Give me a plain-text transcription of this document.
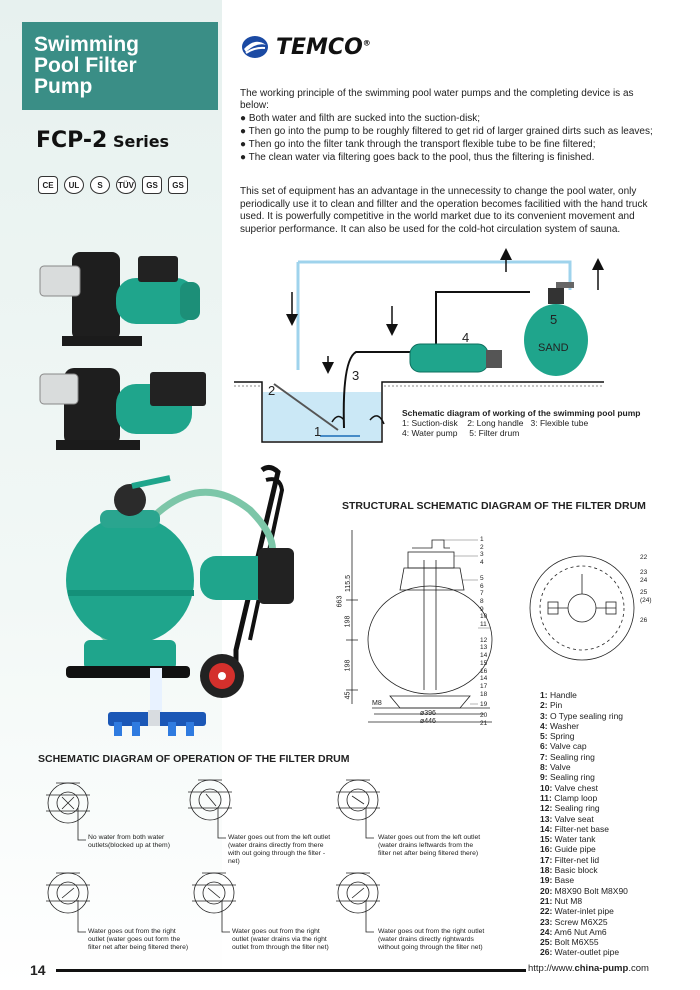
Swimming
Pool Filter
Pump
FCP-2 Series
CE	UL	S	TÜV	GS	GS
TEMCO®

The working principle of the swimming pool water pumps and the completing device is as below:

● Both water and filth are sucked into the suction-disk;

● Then go into the pump to be roughly filtered to get rid of larger grained dirts such as leaves;

● Then go into the filter tank through the transport flexible tube to be fine filtered;

● The clean water via filtering goes back to the pool, thus the filtering is finished.

This set of equipment has an advantage in the unnecessity to change the pool water, only periodically use it to clean and fillter and the operation becomes facilitied with the hand truck used. It is powerfully competitive in the world market due to its convenient movement and superior performance. It can also be used for the cold-hot circulation system of sauna.
1
2
3
4
5
SAND
Schematic diagram of working of the swimming pool pump
1: Suction-disk    2: Long handle   3: Flexible tube
4: Water pump     5: Filter drum
STRUCTURAL SCHEMATIC DIAGRAM OF THE FILTER DRUM
663
115.5
198
198
45
M8
ø396
ø446
1
2
3
4
5
6
7
8
9
10
11
12
13
14
15
16
14
17
18
19
20
21
22
23
24
25
(24)
26
1: Handle
2: Pin
3: O Type sealing ring
4: Washer
5: Spring
6: Valve cap
7: Sealing ring
8: Valve
9: Sealing ring
10: Valve chest
11: Clamp loop
12: Sealing ring
13: Valve seat
14: Filter-net base
15: Water tank
16: Guide pipe
17: Filter-net lid
18: Basic block
19: Base
20: M8X90 Bolt M8X90
21: Nut M8
22: Water-inlet pipe
23: Screw M6X25
24: Am6 Nut Am6
25: Bolt M6X55
26: Water-outlet pipe
SCHEMATIC DIAGRAM OF OPERATION OF THE FILTER DRUM
No water from both water outlets(blocked up at them)
Water goes out from the left outlet (water drains directly from there with out going through the filter - net)
Water goes out from the left outlet (water drains leftwards from the filter net after being filtered there)
Water goes out from the right outlet (water goes out form the filter net after being filtered there)
Water goes out from the right outlet (water drains via the right outlet from through the filter net)
Water goes out from the right outlet (water drains directly rightwards without going through the filter net)
14	http://www.china-pump.com
